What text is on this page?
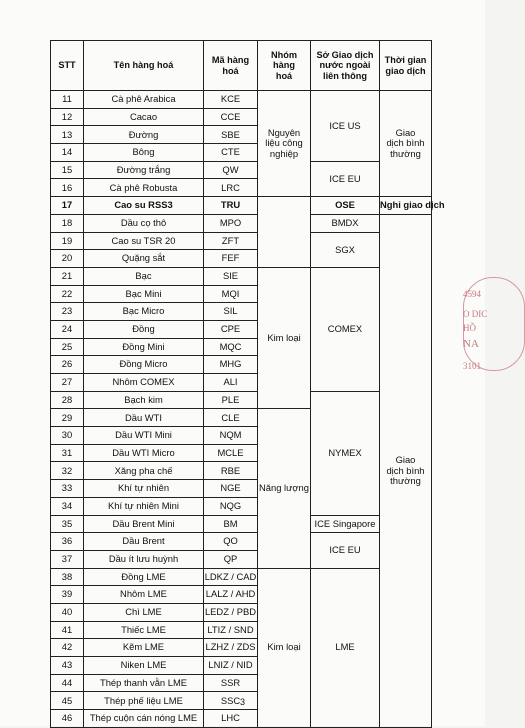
STT	Tên hàng hoá	Mã hàng hoá	Nhóm hàng hoá	Sở Giao dịch nước ngoài liên thông	Thời gian giao dịch
11	Cà phê Arabica	KCE	Nguyên liệu công nghiệp	ICE US	Giao dịch bình thường
12	Cacao	CCE			
13	Đường	SBE			
14	Bông	CTE			
15	Đường trắng	QW		ICE EU	
16	Cà phê Robusta	LRC			
17	Cao su RSS3	TRU		OSE	Nghỉ giao dịch
18	Dầu cọ thô	MPO		BMDX	Giao dịch bình thường
19	Cao su TSR 20	ZFT		SGX	
20	Quặng sắt	FEF			
21	Bạc	SIE	Kim loại	COMEX	
22	Bạc Mini	MQI			
23	Bạc Micro	SIL			
24	Đồng	CPE			
25	Đồng Mini	MQC			
26	Đồng Micro	MHG			
27	Nhôm COMEX	ALI			
28	Bạch kim	PLE		NYMEX	
29	Dầu WTI	CLE	Năng lượng		
30	Dầu WTI Mini	NQM			
31	Dầu WTI Micro	MCLE			
32	Xăng pha chế	RBE			
33	Khí tự nhiên	NGE			
34	Khí tự nhiên Mini	NQG			
35	Dầu Brent Mini	BM		ICE Singapore	
36	Dầu Brent	QO		ICE EU	
37	Dầu ít lưu huỳnh	QP			
38	Đồng LME	LDKZ / CAD	Kim loại	LME	
39	Nhôm LME	LALZ / AHD			
40	Chì LME	LEDZ / PBD			
41	Thiếc LME	LTIZ / SND			
42	Kẽm LME	LZHZ / ZDS			
43	Niken LME	LNIZ / NID			
44	Thép thanh vằn LME	SSR			
45	Thép phế liệu LME	SSC			
46	Thép cuộn cán nóng LME	LHC			
3
4594
O DIC
HỒ
NA
3101
